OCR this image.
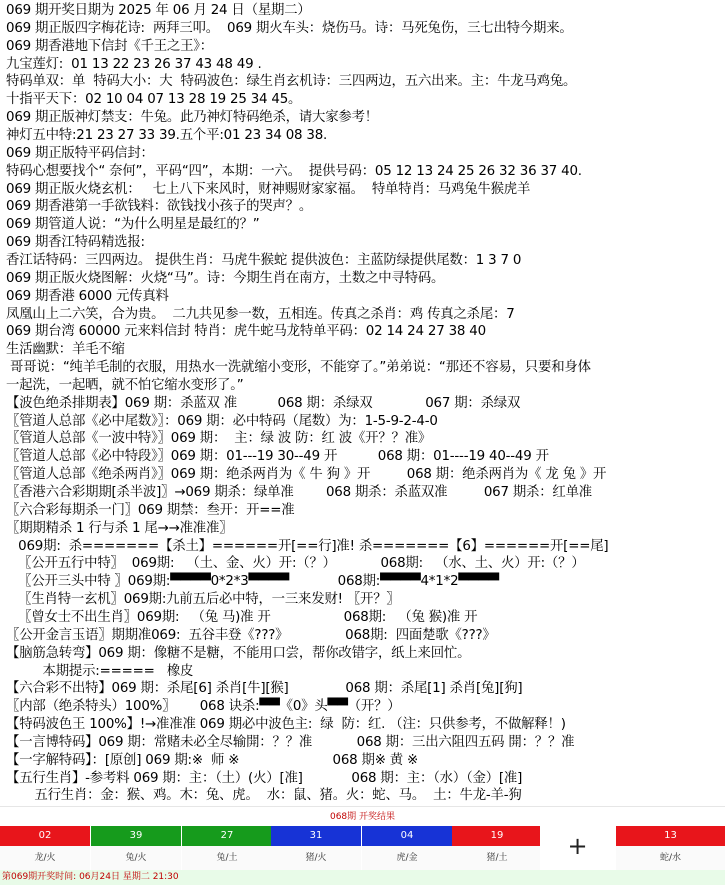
069 期开奖日期为 2025 年 06 月 24 日（星期二）
069 期正版四字梅花诗:  两拜三叩。  069 期火车头：烧伤马。诗：马死兔伤，三七出特今期来。
069 期香港地下信封《千王之王》：
九宝莲灯:  01 13 22 23 26 37 43 48 49 .
特码单双：单  特码大小：大  特码波色：绿生肖玄机诗：三四两边，五六出来。主：牛龙马鸡兔。
十指平天下：02 10 04 07 13 28 19 25 34 45。
069 期正版神灯禁支：牛兔。此乃神灯特码绝杀，请大家参考！
神灯五中特:21 23 27 33 39.五个平:01 23 34 08 38.
069 期正版特平码信封：
特码心想要找个“ 奈何”，平码“四”，本期：一六。  提供号码：05 12 13 24 25 26 32 36 37 40.
069 期正版火烧玄机：   七上八下来风时，财神赐财家家福。  特单特肖：马鸡兔牛猴虎羊
069 期香港第一手欲钱料：欲钱找小孩子的哭声？。
069 期管道人说：“为什么明星是最红的？”
069 期香江特码精选报:
香江话特码：三四两边。 提供生肖：马虎牛猴蛇 提供波色：主蓝防绿提供尾数：1 3 7 0
069 期正版火烧图解：火烧“马”。诗：今期生肖在南方，土数之中寻特码。
069 期香港 6000 元传真料
凤凰山上二六笑，合为贵。  二九共见参一数，五相连。传真之杀肖：鸡 传真之杀尾：7
069 期台湾 60000 元来料信封 特肖：虎牛蛇马龙特单平码：02 14 24 27 38 40
生活幽默：羊毛不缩
哥哥说：“纯羊毛制的衣服，用热水一洗就缩小变形，不能穿了。”弟弟说：“那还不容易，只要和身体
一起洗，一起晒，就不怕它缩水变形了。”
【波色绝杀排期表】069 期：杀蓝双 准          068 期：杀绿双             067 期：杀绿双
〖管道人总部《必中尾数》〗：069 期：必中特码（尾数）为：1-5-9-2-4-0
〖管道人总部《一波中特》〗069 期：  主：绿 波 防：红 波《开？？准》
〖管道人总部《必中特段》〗069 期：01---19 30--49 开          068 期：01----19 40--49 开
〖管道人总部《绝杀两肖》〗069 期：绝杀两肖为《 牛 狗 》开         068 期：绝杀两肖为《 龙 兔 》开
〖香港六合彩期期[杀半波]〗→069 期杀：绿单准        068 期杀：杀蓝双准         067 期杀：红单准
〖六合彩每期杀一门〗069 期禁：叁开：开==准
〖期期精杀 1 行与杀 1 尾→→准准准〗
069期:  杀=======【杀土】======开[==行]准! 杀=======【6】======开[==尾]
〖公开五行中特〗  069期:   （土、金、火）开:（？）           068期:   （水、土、火）开:（？）
〖公开三头中特 〗069期:▀▀▀▀0*2*3▀▀▀▀            068期:▀▀▀▀4*1*2▀▀▀▀
〖生肖特一玄机〗069期:九前五后必中特，一三来发财! 〖开？〗
〖曾女士不出生肖〗069期:   （兔 马)准 开                  068期:   （兔 猴)准 开
〖公开金言玉语〗期期准069:  五谷丰登《???》              068期:  四面楚歌《???》
【脑筋急转弯】069 期：像糖不是糖，不能用口尝，帮你改错字，纸上来回忙。
本期提示:=====   橡皮
【六合彩不出特】069 期：杀尾[6] 杀肖[牛][猴]              068 期：杀尾[1] 杀肖[兔][狗]
〖内部（绝杀特头）100%〗      068 诀杀:▀▀《0》头▀▀（开？）
【特码波色王 100%】!→准准准 069 期必中波色主:  绿  防：红. （注：只供参考，不做解释！)
【一言博特码】069 期：常赌未必全尽输開：？？准           068 期：三出六阻四五码 開：？？准
【一字解特码】：[原创] 069 期:※  师 ※                       068 期※ 黄 ※
【五行生肖】-参考料 069 期：主：（土）(火）[准]            068 期：主：（水）（金）[准]
五行生肖：金：猴、鸡。木：兔、虎。  水：鼠、猪。火：蛇、马。  土：牛龙-羊-狗
068期 开奖结果
02
龙/火
39
兔/火
27
兔/土
31
猪/火
04
虎/金
19
猪/土	+	13
蛇/水
第069期开奖时间: 06月24日 星期二 21:30
